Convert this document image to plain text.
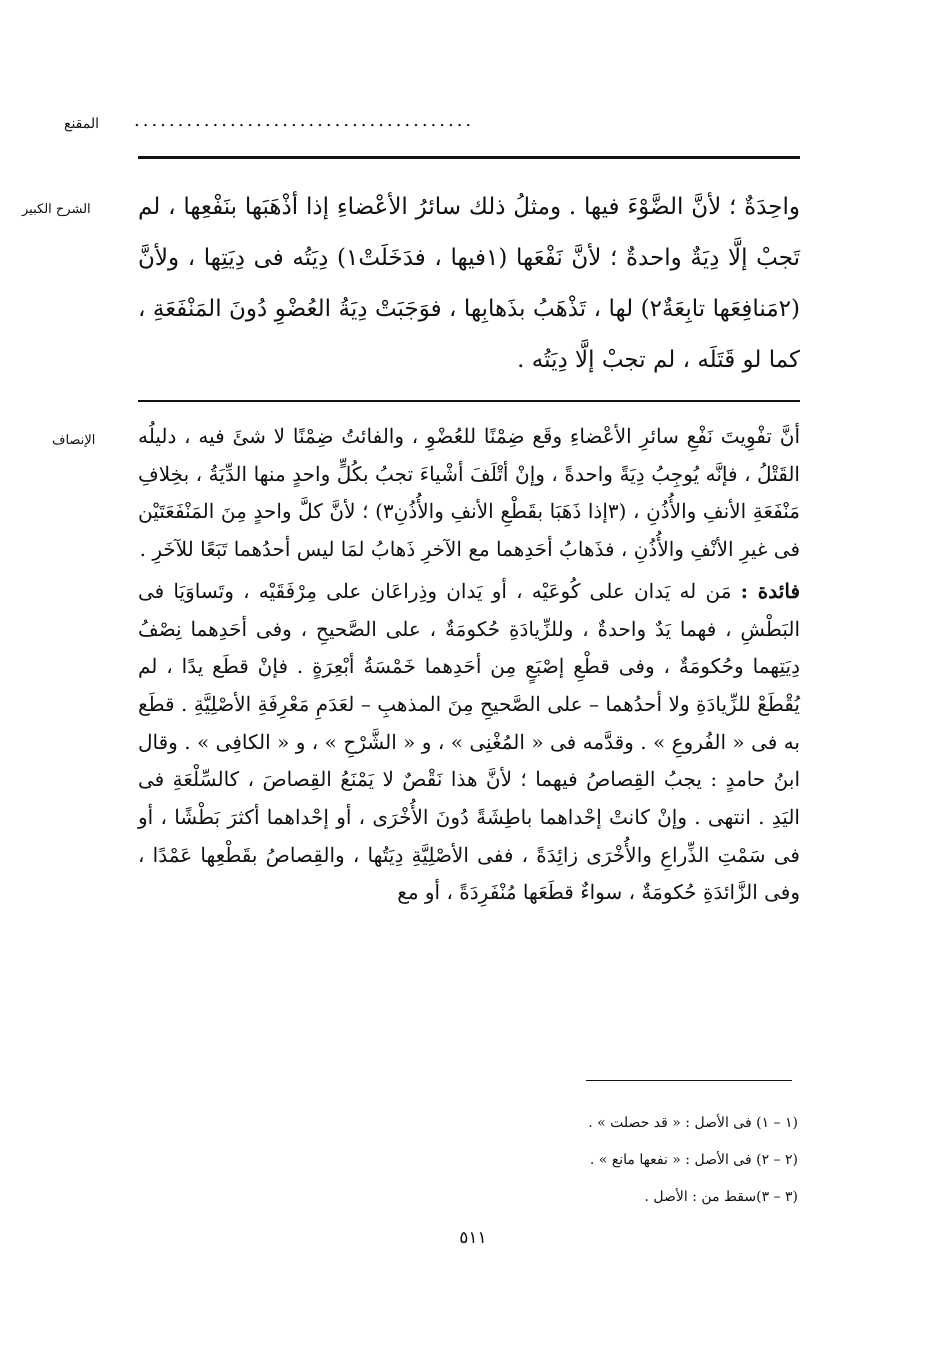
المقنع	.......................................
الشرح الكبير	واحِدَةٌ ؛ لأنَّ الضَّوْءَ فيها . ومثلُ ذلك سائرُ الأعْضاءِ إذا أذْهَبَها بنَفْعِها ، لم تَجبْ إلَّا دِيَةٌ واحدةٌ ؛ لأنَّ نَفْعَها (١فيها ، فدَخَلَتْ١) دِيَتُه فى دِيَتِها ، ولأنَّ (٢مَنافِعَها تابِعَةٌ٢) لها ، تَذْهَبُ بذَهابِها ، فوَجَبَتْ دِيَةُ العُضْوِ دُونَ المَنْفَعَةِ ، كما لو قَتَلَه ، لم تجبْ إلَّا دِيَتُه .

الإنصاف	أنَّ تفْوِيتَ نَفْعِ سائرِ الأعْضاءِ وقَع ضِمْنًا للعُضْوِ ، والفائتُ ضِمْنًا لا شئَ فيه ، دليلُه القَتْلُ ، فإنَّه يُوجِبُ دِيَةً واحدةً ، وإنْ أتْلَفَ أشْياءَ تجبُ بكُلٍّ واحدٍ منها الدِّيَةُ ، بخِلافِ مَنْفَعَةِ الأنفِ والأُذُنِ ، (٣إذا ذَهَبَا بقَطْعِ الأنفِ والأُذُنِ٣) ؛ لأنَّ كلَّ واحدٍ مِنَ المَنْفَعَتَيْن فى غيرِ الأنْفِ والأُذُنِ ، فذَهابُ أحَدِهما مع الآخرِ ذَهابُ لمَا ليس أحدُهما تَبَعًا للآخَرِ .

فائدة : مَن له يَدان على كُوعَيْه ، أو يَدان وذِراعَان على مِرْفَقَيْه ، وتَساوَيَا فى البَطْشِ ، فهما يَدٌ واحدةٌ ، وللزِّيادَةِ حُكومَةٌ ، على الصَّحيحِ ، وفى أحَدِهما نِصْفُ دِيَتِهما وحُكومَةٌ ، وفى قطْعِ إصْبَعٍ مِن أحَدِهما خَمْسَةُ أبْعِرَةٍ . فإنْ قطَع يدًا ، لم يُقْطَعْ للزِّيادَةِ ولا أحدُهما – على الصَّحيحِ مِنَ المذهبِ – لعَدَمِ مَعْرِفَةِ الأصْلِيَّةِ . قطَع به فى « الفُروعِ » . وقدَّمه فى « المُغْنِى » ، و « الشَّرْحِ » ، و « الكافِى » . وقال ابنُ حامدٍ : يجبُ القِصاصُ فيهما ؛ لأنَّ هذا نَقْصٌ لا يَمْنَعُ القِصاصَ ، كالسِّلْعَةِ فى اليَدِ . انتهى . وإنْ كانتْ إحْداهما باطِشَةً دُونَ الأُخْرَى ، أو إحْداهما أكثرَ بَطْشًا ، أو فى سَمْتِ الذِّراعِ والأُخْرَى زائِدَةً ، ففى الأصْلِيَّةِ دِيَتُها ، والقِصاصُ بقَطْعِها عَمْدًا ، وفى الزَّائدَةِ حُكومَةٌ ، سواءٌ قطَعَها مُنْفَرِدَةً ، أو مع

(١ – ١) فى الأصل : « قد حصلت » .
(٢ – ٢) فى الأصل : « نفعها مانع » .
(٣ – ٣)سقط من : الأصل .
٥١١
